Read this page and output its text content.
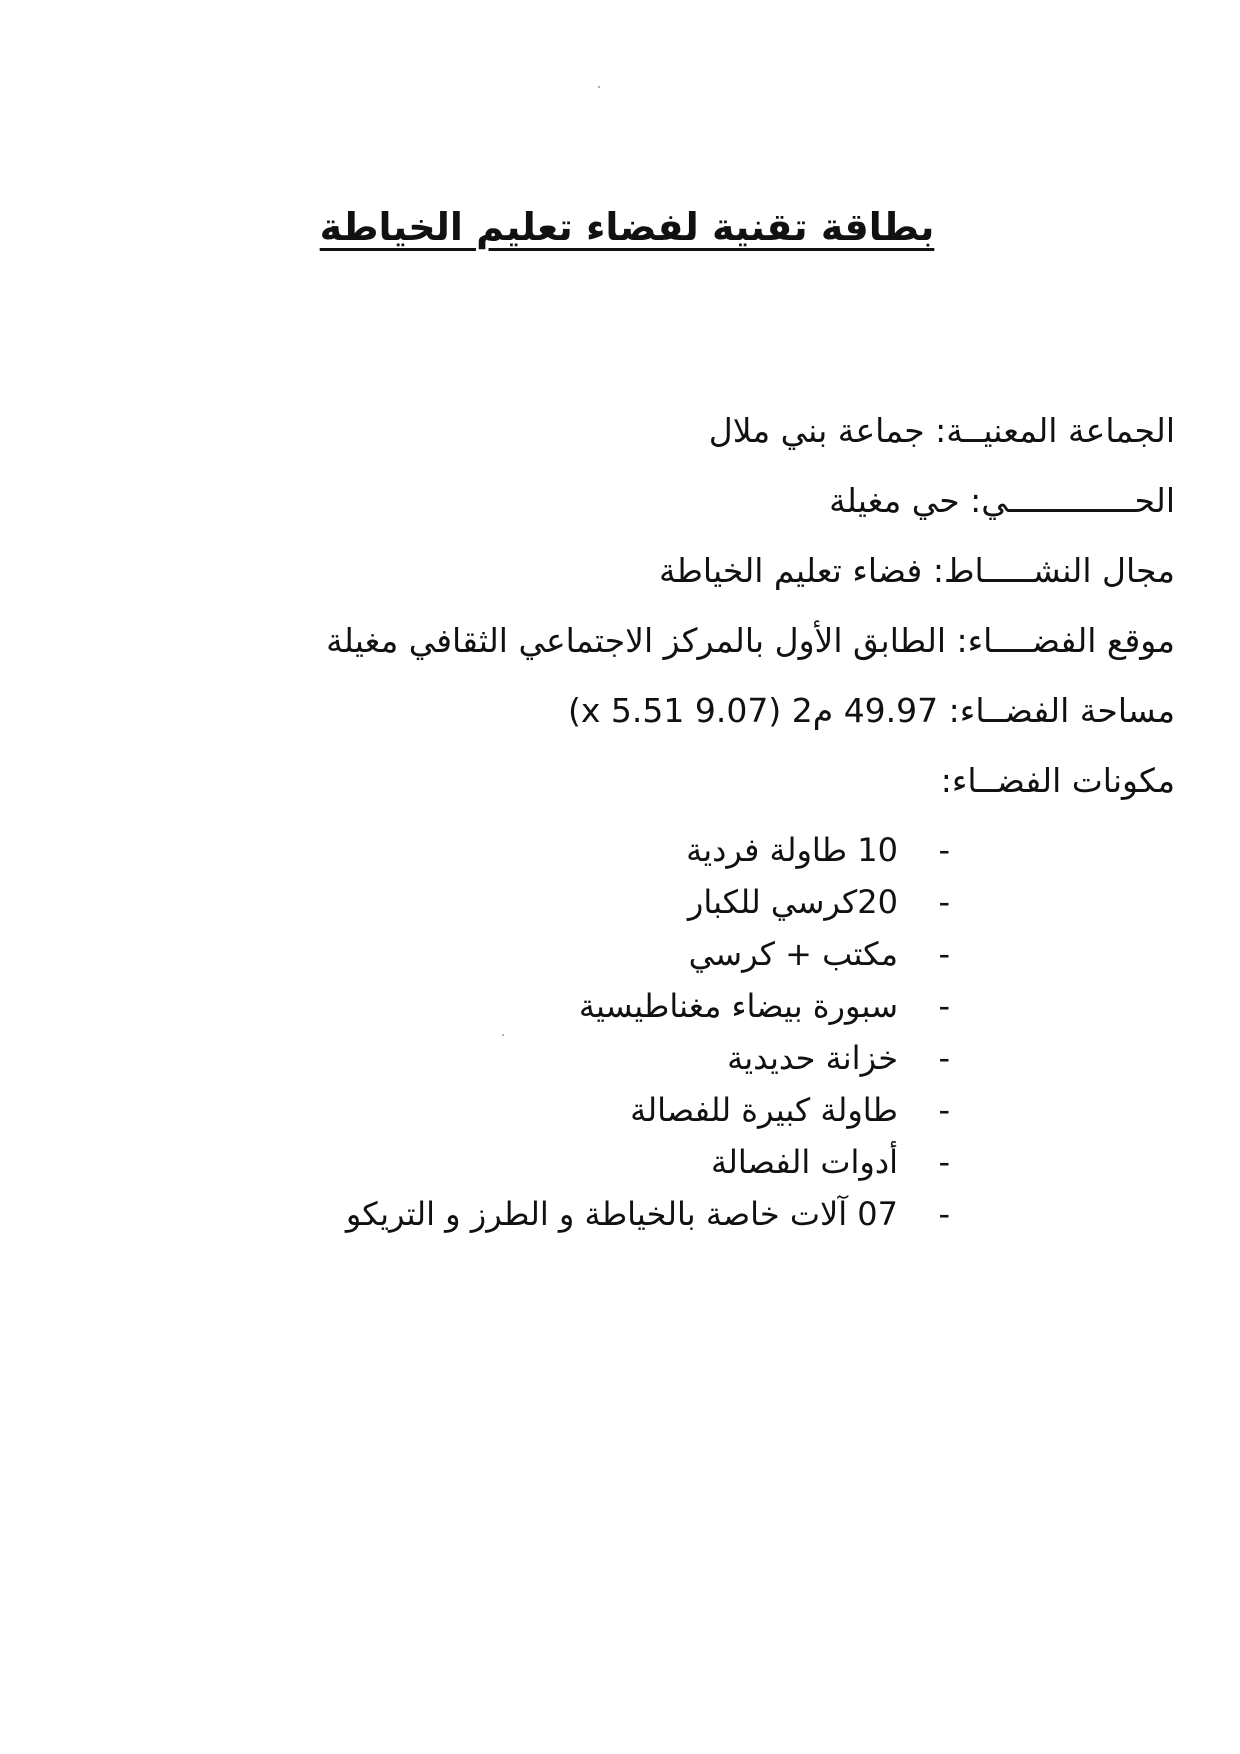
بطاقة تقنية لفضاء تعليم الخياطة
الجماعة المعنيــة: جماعة بني ملال
الحـــــــــــــي: حي مغيلة
مجال النشـــــاط: فضاء تعليم الخياطة
موقع الفضــــاء: الطابق الأول بالمركز الاجتماعي الثقافي مغيلة
مساحة الفضــاء: 49.97 م2 (9.07 x 5.51)
مكونات الفضــاء:
-
10 طاولة فردية
-
20كرسي للكبار
-
مكتب + كرسي
-
سبورة بيضاء مغناطيسية
-
خزانة حديدية
-
طاولة كبيرة للفصالة
-
أدوات الفصالة
-
07 آلات خاصة بالخياطة و الطرز و التريكو
